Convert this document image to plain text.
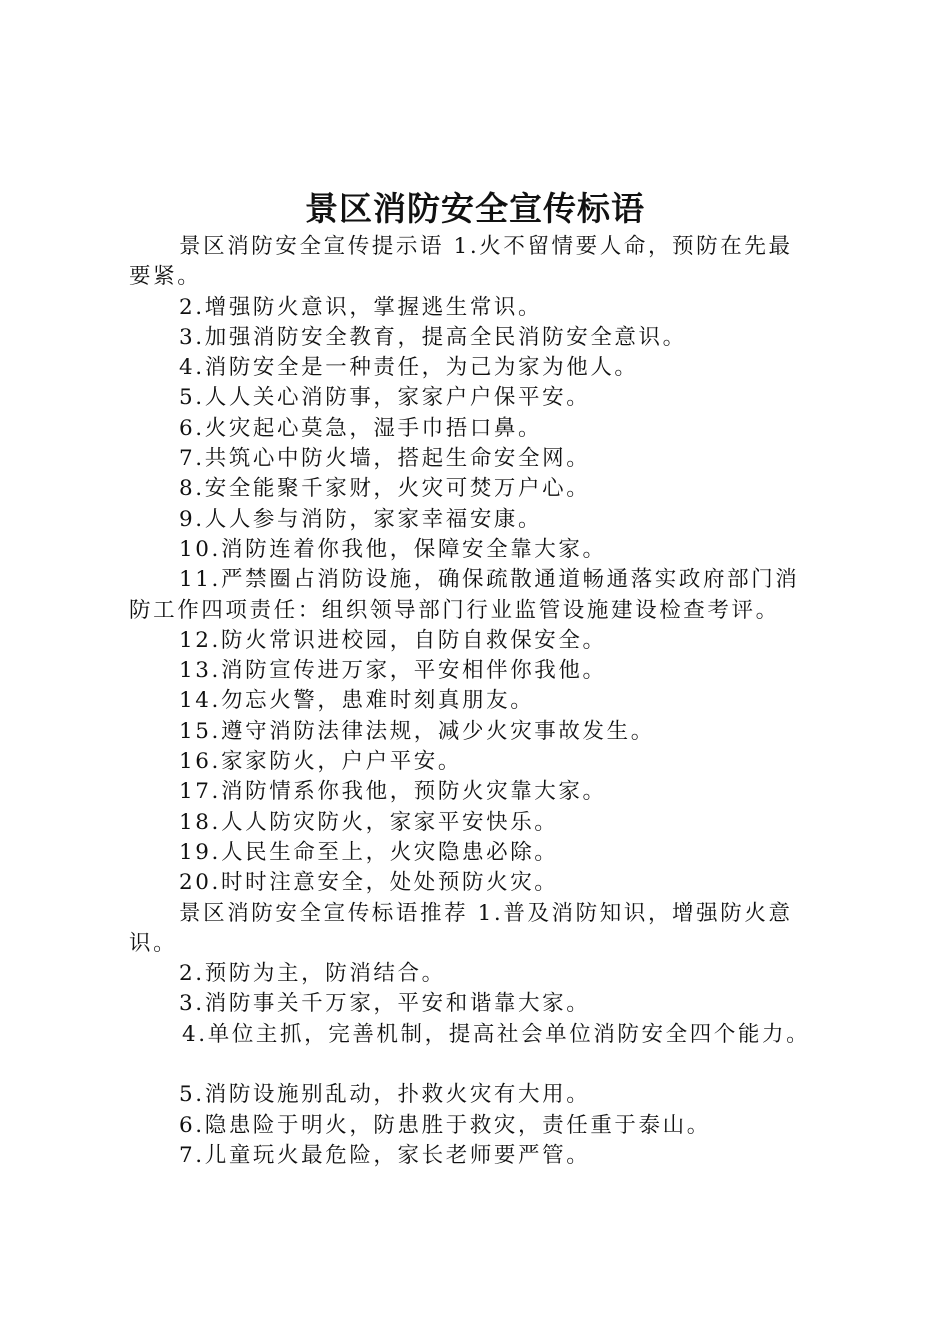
景区消防安全宣传标语
景区消防安全宣传提示语 1.火不留情要人命，预防在先最
要紧。
2.增强防火意识，掌握逃生常识。
3.加强消防安全教育，提高全民消防安全意识。
4.消防安全是一种责任，为己为家为他人。
5.人人关心消防事，家家户户保平安。
6.火灾起心莫急，湿手巾捂口鼻。
7.共筑心中防火墙，搭起生命安全网。
8.安全能聚千家财，火灾可焚万户心。
9.人人参与消防，家家幸福安康。
10.消防连着你我他，保障安全靠大家。
11.严禁圈占消防设施，确保疏散通道畅通落实政府部门消
防工作四项责任：组织领导部门行业监管设施建设检查考评。
12.防火常识进校园，自防自救保安全。
13.消防宣传进万家，平安相伴你我他。
14.勿忘火警，患难时刻真朋友。
15.遵守消防法律法规，减少火灾事故发生。
16.家家防火，户户平安。
17.消防情系你我他，预防火灾靠大家。
18.人人防灾防火，家家平安快乐。
19.人民生命至上，火灾隐患必除。
20.时时注意安全，处处预防火灾。
景区消防安全宣传标语推荐 1.普及消防知识，增强防火意
识。
2.预防为主，防消结合。
3.消防事关千万家，平安和谐靠大家。
4.单位主抓，完善机制，提高社会单位消防安全四个能力。
5.消防设施别乱动，扑救火灾有大用。
6.隐患险于明火，防患胜于救灾，责任重于泰山。
7.儿童玩火最危险，家长老师要严管。
